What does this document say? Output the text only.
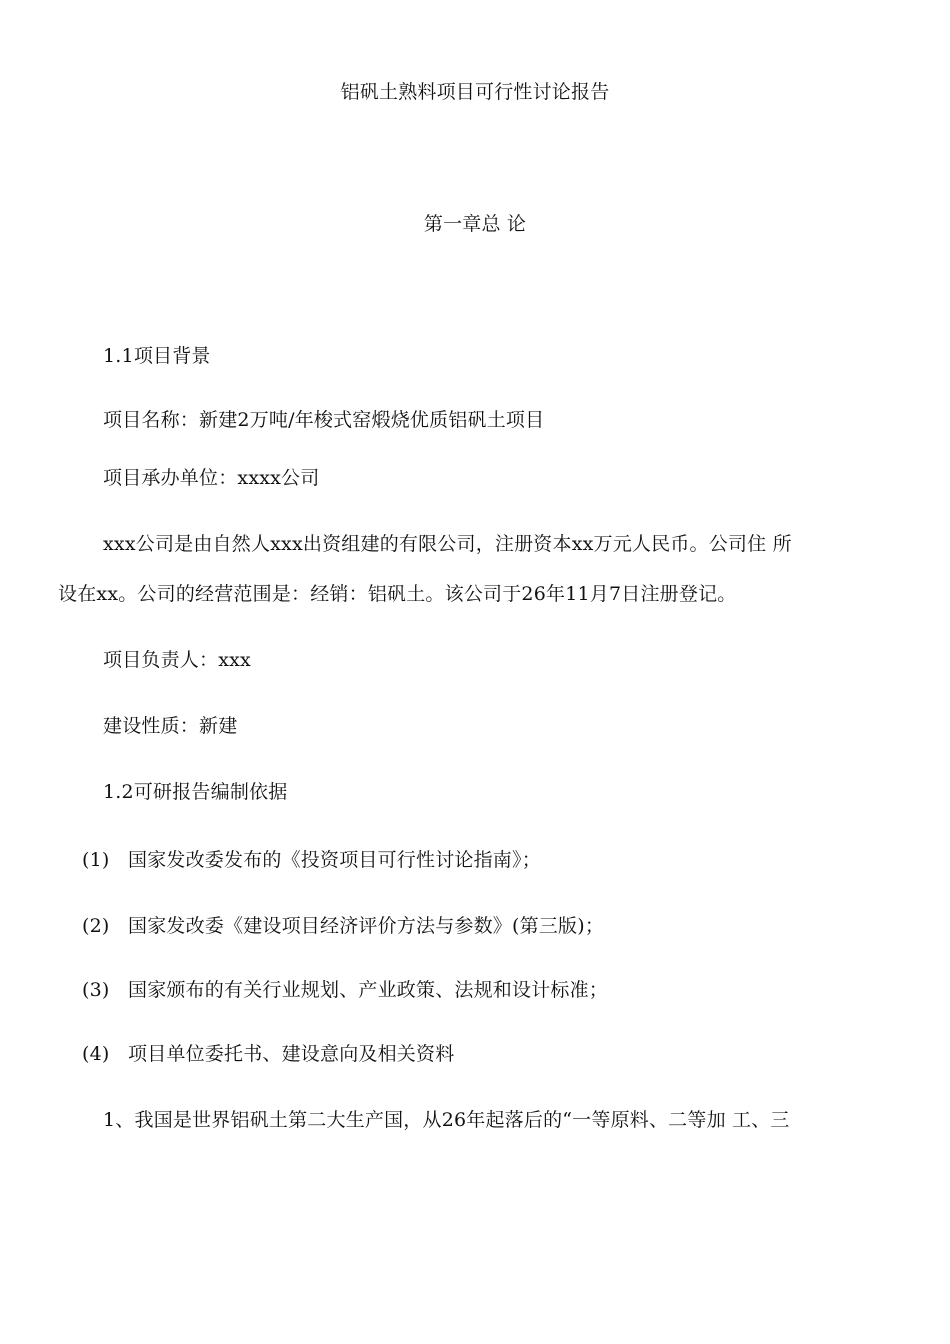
铝矾土熟料项目可行性讨论报告
第一章总 论
1.1项目背景
项目名称：新建2万吨/年梭式窑煅烧优质铝矾土项目
项目承办单位：xxxx公司
xxx公司是由自然人xxx出资组建的有限公司，注册资本xx万元人民币。公司住 所
设在xx。公司的经营范围是：经销：铝矾土。该公司于26年11月7日注册登记。
项目负责人：xxx
建设性质：新建
1.2可研报告编制依据
(1) 国家发改委发布的《投资项目可行性讨论指南》；
(2) 国家发改委《建设项目经济评价方法与参数》(第三版)；
(3) 国家颁布的有关行业规划、产业政策、法规和设计标准；
(4) 项目单位委托书、建设意向及相关资料
1、我国是世界铝矾土第二大生产国，从26年起落后的“一等原料、二等加 工、三
